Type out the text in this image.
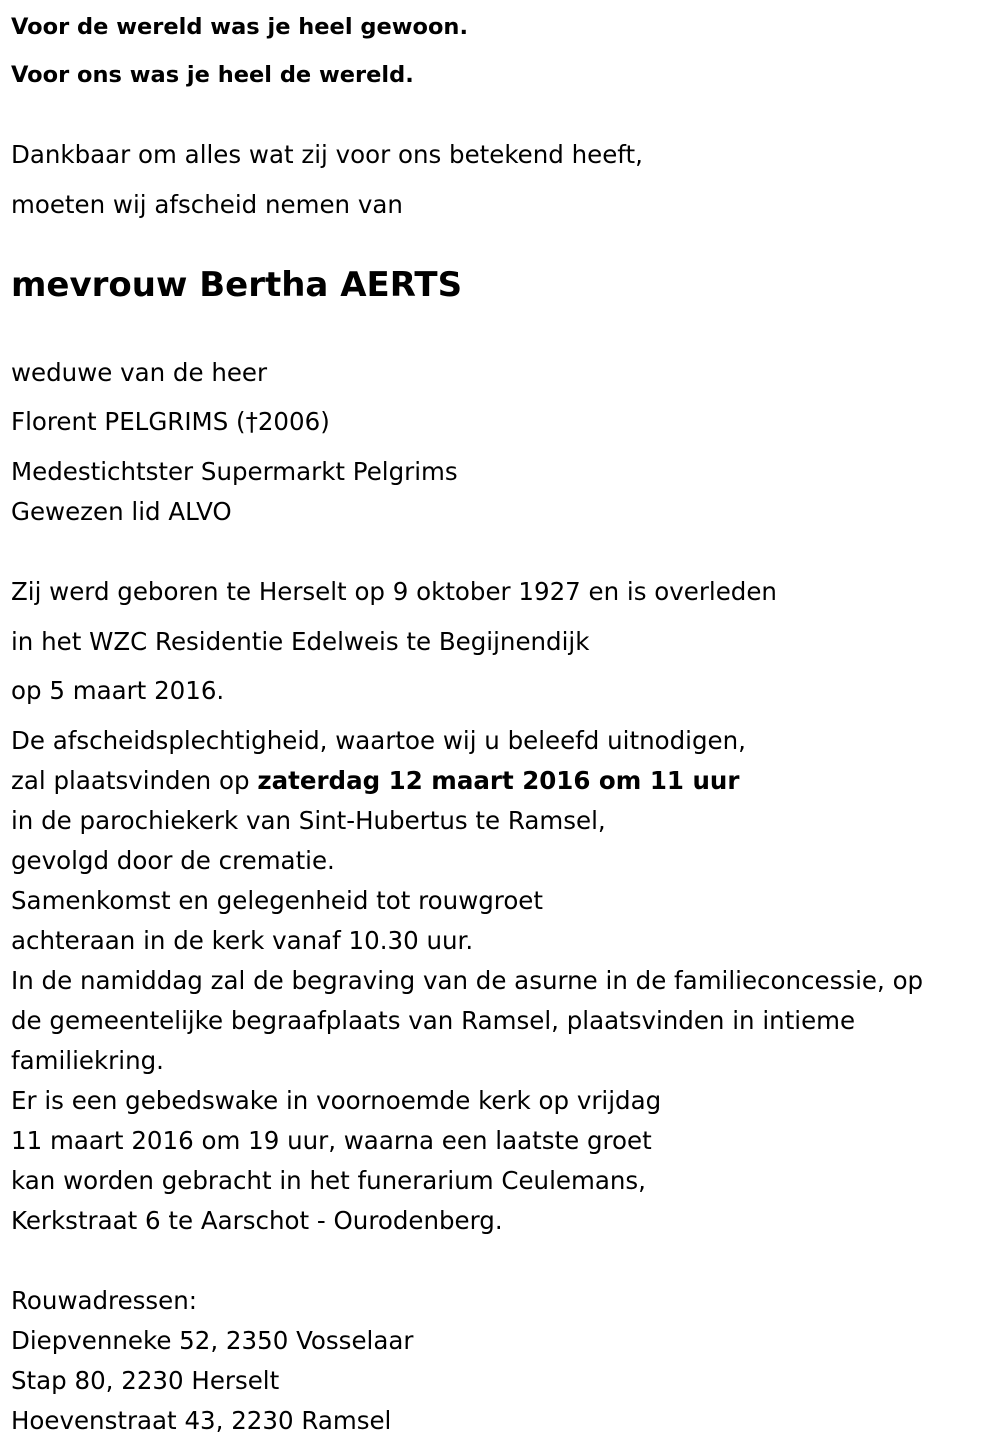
Voor de wereld was je heel gewoon.
Voor ons was je heel de wereld.
Dankbaar om alles wat zij voor ons betekend heeft,
moeten wij afscheid nemen van
mevrouw Bertha AERTS
weduwe van de heer
Florent PELGRIMS (†2006)
Medestichtster Supermarkt Pelgrims
Gewezen lid ALVO
Zij werd geboren te Herselt op 9 oktober 1927 en is overleden
in het WZC Residentie Edelweis te Begijnendijk
op 5 maart 2016.
De afscheidsplechtigheid, waartoe wij u beleefd uitnodigen,
zal plaatsvinden op zaterdag 12 maart 2016 om 11 uur
in de parochiekerk van Sint-Hubertus te Ramsel,
gevolgd door de crematie.
Samenkomst en gelegenheid tot rouwgroet
achteraan in de kerk vanaf 10.30 uur.
In de namiddag zal de begraving van de asurne in de familieconcessie, op
de gemeentelijke begraafplaats van Ramsel, plaatsvinden in intieme
familiekring.
Er is een gebedswake in voornoemde kerk op vrijdag
11 maart 2016 om 19 uur, waarna een laatste groet
kan worden gebracht in het funerarium Ceulemans,
Kerkstraat 6 te Aarschot - Ourodenberg.
Rouwadressen:
Diepvenneke 52, 2350 Vosselaar
Stap 80, 2230 Herselt
Hoevenstraat 43, 2230 Ramsel
